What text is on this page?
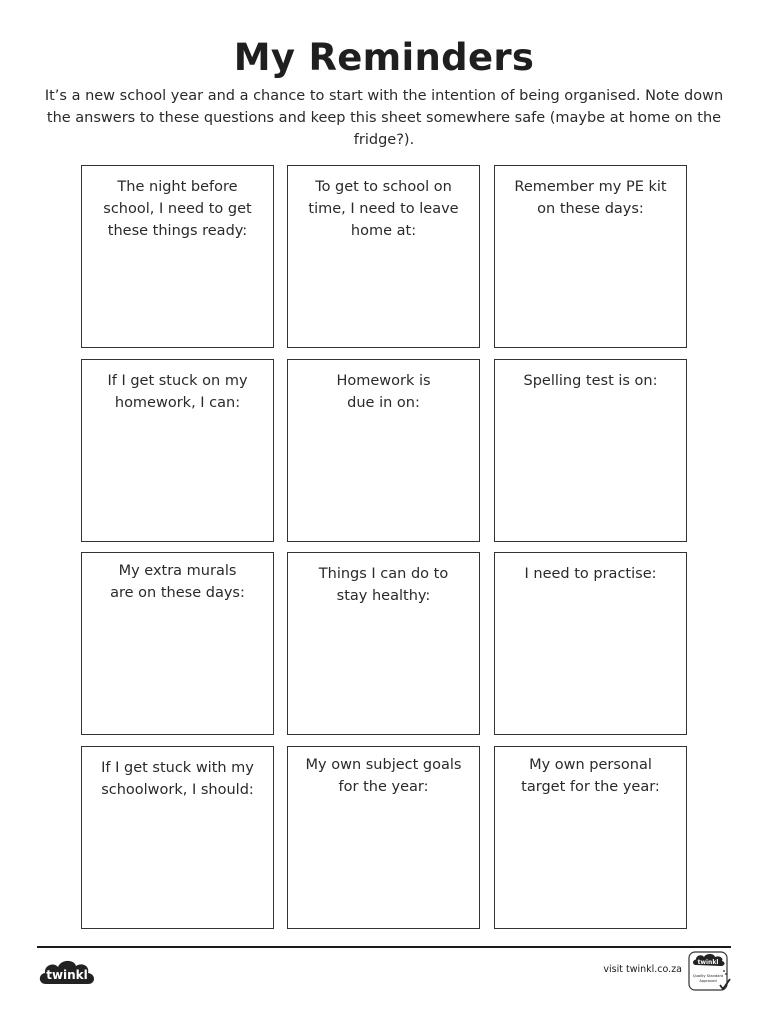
My Reminders

It’s a new school year and a chance to start with the intention of being organised. Note down the answers to these questions and keep this sheet somewhere safe (maybe at home on the fridge?).

The night before
school, I need to get
these things ready:
To get to school on
time, I need to leave
home at:
Remember my PE kit
on these days:
If I get stuck on my
homework, I can:
Homework is
due in on:
Spelling test is on:
My extra murals
are on these days:
Things I can do to
stay healthy:
I need to practise:
If I get stuck with my
schoolwork, I should:
My own subject goals
for the year:
My own personal
target for the year:
twinkl	visit twinkl.co.za
twinkl
Quality Standard
Approved
